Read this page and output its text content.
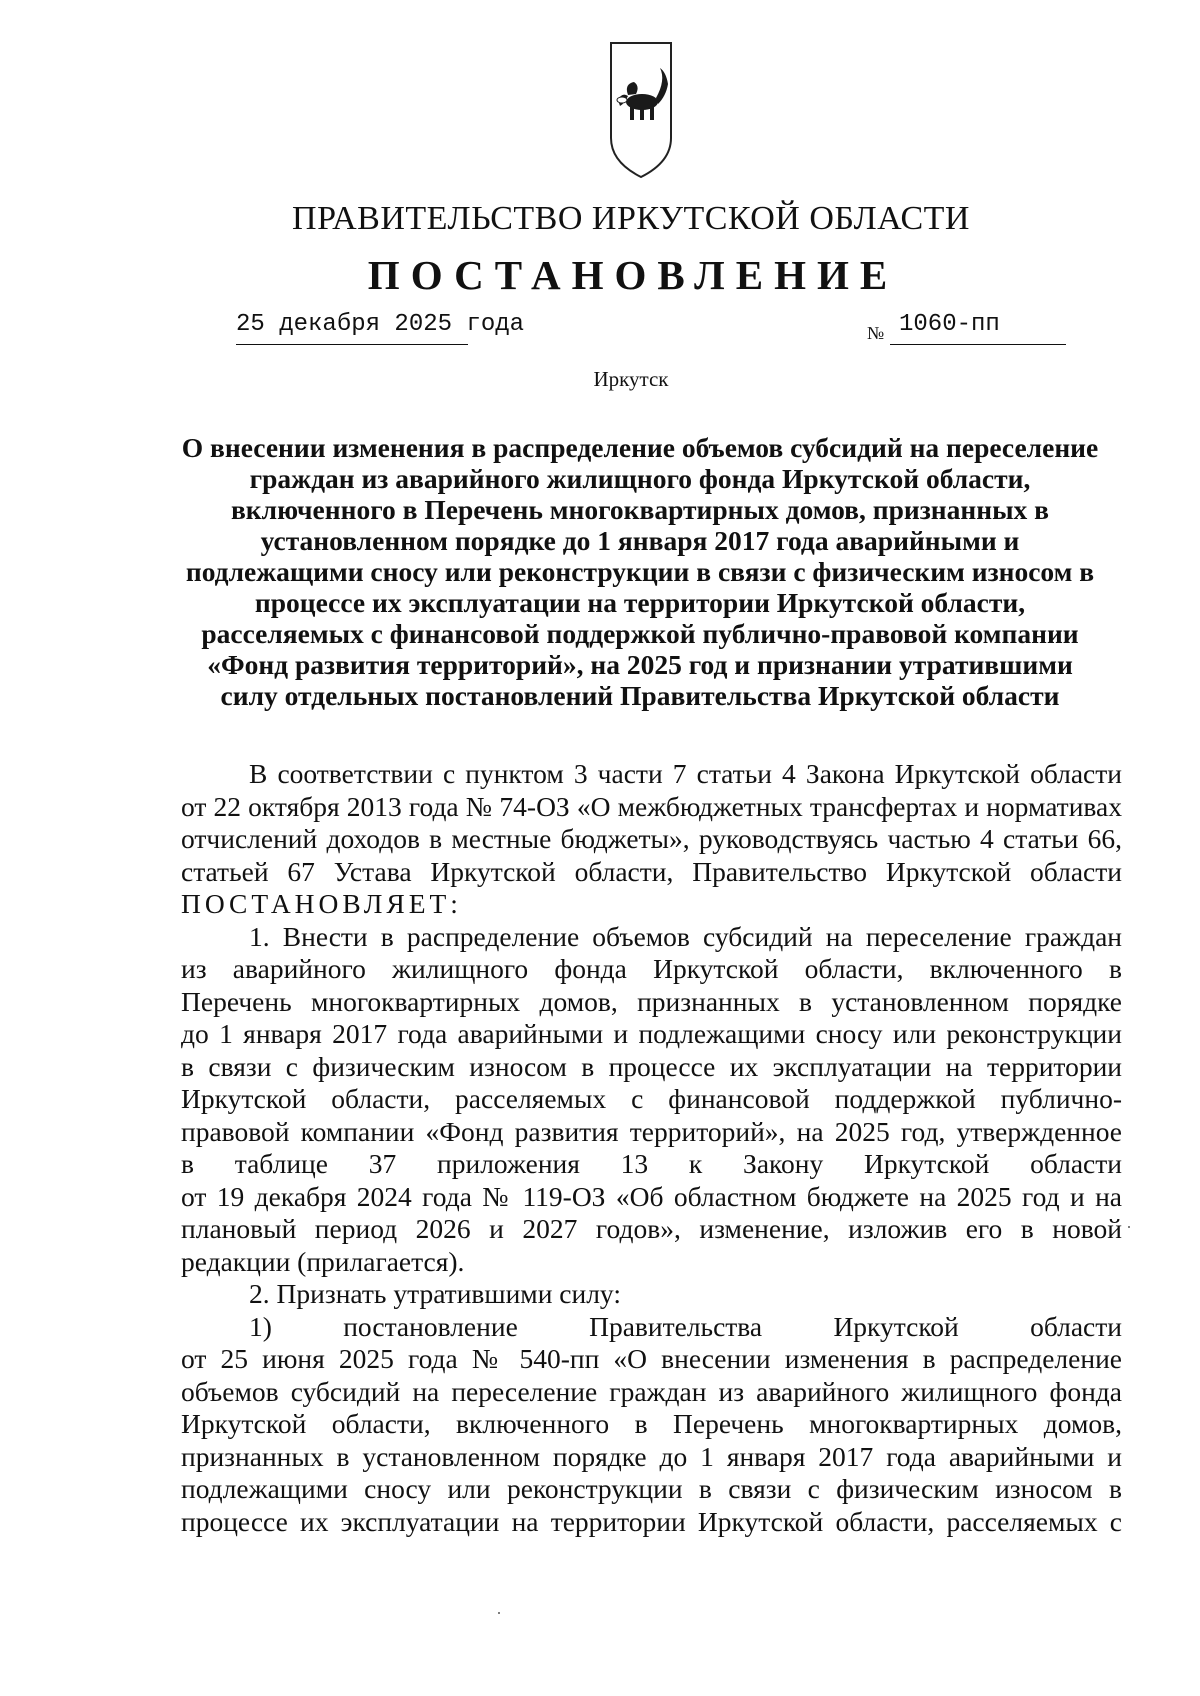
ПРАВИТЕЛЬСТВО ИРКУТСКОЙ ОБЛАСТИ
ПОСТАНОВЛЕНИЕ
25 декабря 2025 года	№ 1060-пп
Иркутск
О внесении изменения в распределение объемов субсидий на переселение
граждан из аварийного жилищного фонда Иркутской области,
включенного в Перечень многоквартирных домов, признанных в
установленном порядке до 1 января 2017 года аварийными и
подлежащими сносу или реконструкции в связи с физическим износом в
процессе их эксплуатации на территории Иркутской области,
расселяемых с финансовой поддержкой публично-правовой компании
«Фонд развития территорий», на 2025 год и признании утратившими
силу отдельных постановлений Правительства Иркутской области
В соответствии с пунктом 3 части 7 статьи 4 Закона Иркутской области
от 22 октября 2013 года № 74-ОЗ «О межбюджетных трансфертах и нормативах
отчислений доходов в местные бюджеты», руководствуясь частью 4 статьи 66,
статьей 67 Устава Иркутской области, Правительство Иркутской области
ПОСТАНОВЛЯЕТ:
1. Внести в распределение объемов субсидий на переселение граждан
из аварийного жилищного фонда Иркутской области, включенного в
Перечень многоквартирных домов, признанных в установленном порядке
до 1 января 2017 года аварийными и подлежащими сносу или реконструкции
в связи с физическим износом в процессе их эксплуатации на территории
Иркутской области, расселяемых с финансовой поддержкой публично-
правовой компании «Фонд развития территорий», на 2025 год, утвержденное
в таблице 37 приложения 13 к Закону Иркутской области
от 19 декабря 2024 года № 119-ОЗ «Об областном бюджете на 2025 год и на
плановый период 2026 и 2027 годов», изменение, изложив его в новой
редакции (прилагается).
2. Признать утратившими силу:
1) постановление Правительства Иркутской области
от 25 июня 2025 года № 540-пп «О внесении изменения в распределение
объемов субсидий на переселение граждан из аварийного жилищного фонда
Иркутской области, включенного в Перечень многоквартирных домов,
признанных в установленном порядке до 1 января 2017 года аварийными и
подлежащими сносу или реконструкции в связи с физическим износом в
процессе их эксплуатации на территории Иркутской области, расселяемых с
